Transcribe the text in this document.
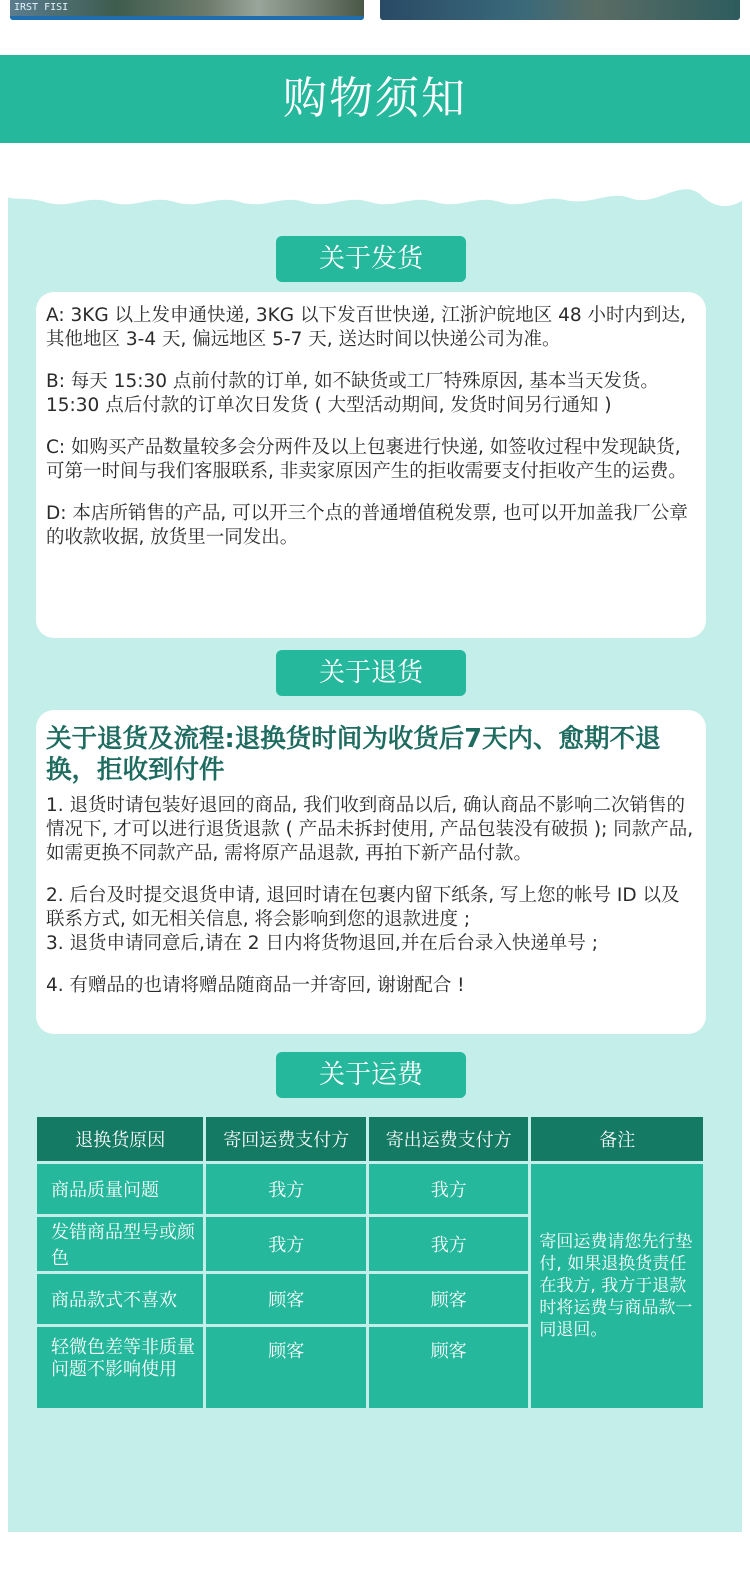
IRST FISI
购物须知
关于发货

A: 3KG 以上发申通快递, 3KG 以下发百世快递, 江浙沪皖地区 48 小时内到达, 其他地区 3-4 天, 偏远地区 5-7 天, 送达时间以快递公司为准。

B: 每天 15:30 点前付款的订单, 如不缺货或工厂特殊原因, 基本当天发货。15:30 点后付款的订单次日发货 ( 大型活动期间, 发货时间另行通知 )

C: 如购买产品数量较多会分两件及以上包裹进行快递, 如签收过程中发现缺货, 可第一时间与我们客服联系, 非卖家原因产生的拒收需要支付拒收产生的运费。

D: 本店所销售的产品, 可以开三个点的普通增值税发票, 也可以开加盖我厂公章的收款收据, 放货里一同发出。

关于退货
关于退货及流程:退换货时间为收货后7天内、愈期不退换，拒收到付件

1. 退货时请包装好退回的商品, 我们收到商品以后, 确认商品不影响二次销售的情况下, 才可以进行退货退款 ( 产品未拆封使用, 产品包装没有破损 ); 同款产品, 如需更换不同款产品, 需将原产品退款, 再拍下新产品付款。

2. 后台及时提交退货申请, 退回时请在包裹内留下纸条, 写上您的帐号 ID 以及联系方式, 如无相关信息, 将会影响到您的退款进度 ;

3. 退货申请同意后,请在 2 日内将货物退回,并在后台录入快递单号 ;

4. 有赠品的也请将赠品随商品一并寄回, 谢谢配合 !

关于运费
退换货原因	寄回运费支付方	寄出运费支付方	备注
商品质量问题	我方	我方	寄回运费请您先行垫付, 如果退换货责任在我方, 我方于退款时将运费与商品款一同退回。
发错商品型号或颜色	我方	我方	
商品款式不喜欢	顾客	顾客	
轻微色差等非质量问题不影响使用	顾客	顾客	
